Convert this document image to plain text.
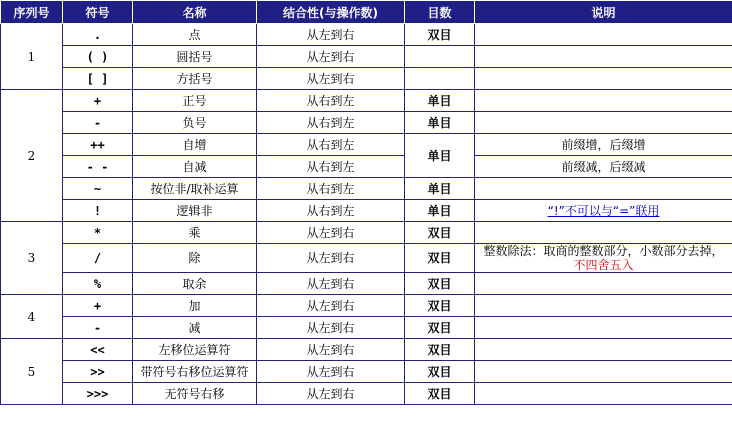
序列号	符号	名称	结合性(与操作数)	目数	说明
1	.	点	从左到右	双目	
	( )	圆括号	从左到右		
	[ ]	方括号	从左到右		
2	+	正号	从右到左	单目	
	-	负号	从右到左	单目	
	++	自增	从右到左	单目	前缀增，后缀增
	- -	自减	从右到左		前缀减，后缀减
	~	按位非/取补运算	从右到左	单目	
	!	逻辑非	从右到左	单目	“!”不可以与“=”联用
3	*	乘	从左到右	双目	
	/	除	从左到右	双目	整数除法：取商的整数部分，小数部分去掉，
不四舍五入

	%	取余	从左到右	双目	
4	+	加	从左到右	双目	
	-	减	从左到右	双目	
5	<<	左移位运算符	从左到右	双目	
	>>	带符号右移位运算符	从左到右	双目	
	>>>	无符号右移	从左到右	双目	
